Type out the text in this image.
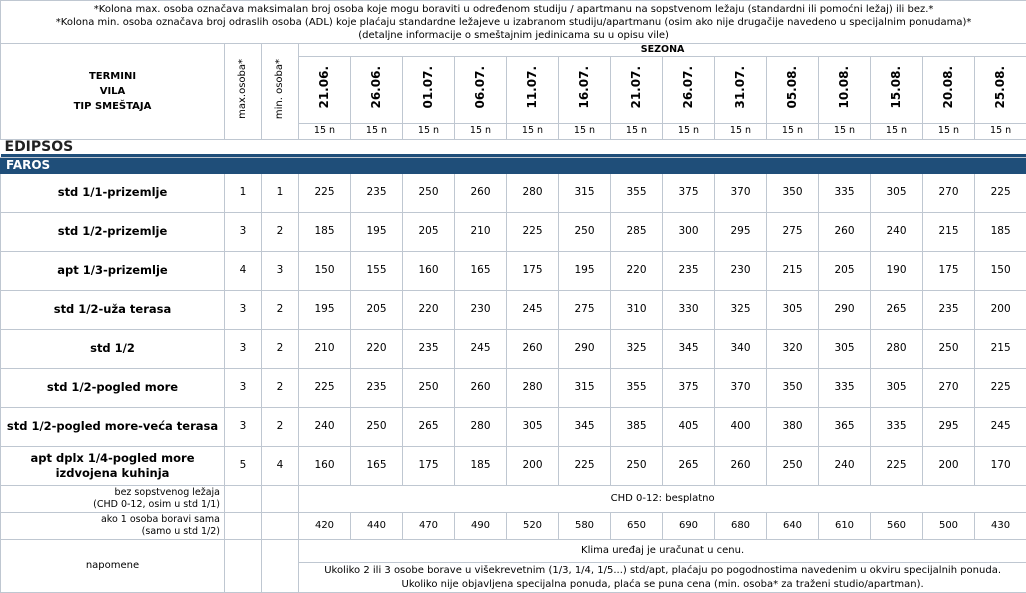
*Kolona max. osoba označava maksimalan broj osoba koje mogu boraviti u određenom studiju / apartmanu na sopstvenom ležaju (standardni ili pomoćni ležaj) ili bez.*
*Kolona min. osoba označava broj odraslih osoba (ADL) koje plaćaju standardne ležajeve u izabranom studiju/apartmanu (osim ako nije drugačije navedeno u specijalnim ponudama)*
(detaljne informacije o smeštajnim jedinicama su u opisu vile)																

TERMINI
VILA
TIP SMEŠTAJA	max.osoba*	min. osoba*	SEZONA													
			21.06.	26.06.	01.07.	06.07.	11.07.	16.07.	21.07.	26.07.	31.07.	05.08.	10.08.	15.08.	20.08.	25.08.
			15 n	15 n	15 n	15 n	15 n	15 n	15 n	15 n	15 n	15 n	15 n	15 n	15 n	15 n

EDIPSOS																

FAROS																
std 1/1-prizemlje	1	1	225	235	250	260	280	315	355	375	370	350	335	305	270	225
std 1/2-prizemlje	3	2	185	195	205	210	225	250	285	300	295	275	260	240	215	185
apt 1/3-prizemlje	4	3	150	155	160	165	175	195	220	235	230	215	205	190	175	150
std 1/2-uža terasa	3	2	195	205	220	230	245	275	310	330	325	305	290	265	235	200
std 1/2	3	2	210	220	235	245	260	290	325	345	340	320	305	280	250	215
std 1/2-pogled more	3	2	225	235	250	260	280	315	355	375	370	350	335	305	270	225
std 1/2-pogled more-veća terasa	3	2	240	250	265	280	305	345	385	405	400	380	365	335	295	245

apt dplx 1/4-pogled more
izdvojena kuhinja	5	4	160	165	175	185	200	225	250	265	260	250	240	225	200	170

bez sopstvenog ležaja
(CHD 0-12, osim u std 1/1)			CHD 0-12: besplatno													

ako 1 osoba boravi sama
(samo u std 1/2)			420	440	470	490	520	580	650	690	680	640	610	560	500	430
napomene			Klima uređaj je uračunat u cenu.													

			Ukoliko 2 ili 3 osobe borave u višekrevetnim (1/3, 1/4, 1/5...) std/apt, plaćaju po pogodnostima navedenim u okviru specijalnih ponuda.
Ukoliko nije objavljena specijalna ponuda, plaća se puna cena (min. osoba* za traženi studio/apartman).													
